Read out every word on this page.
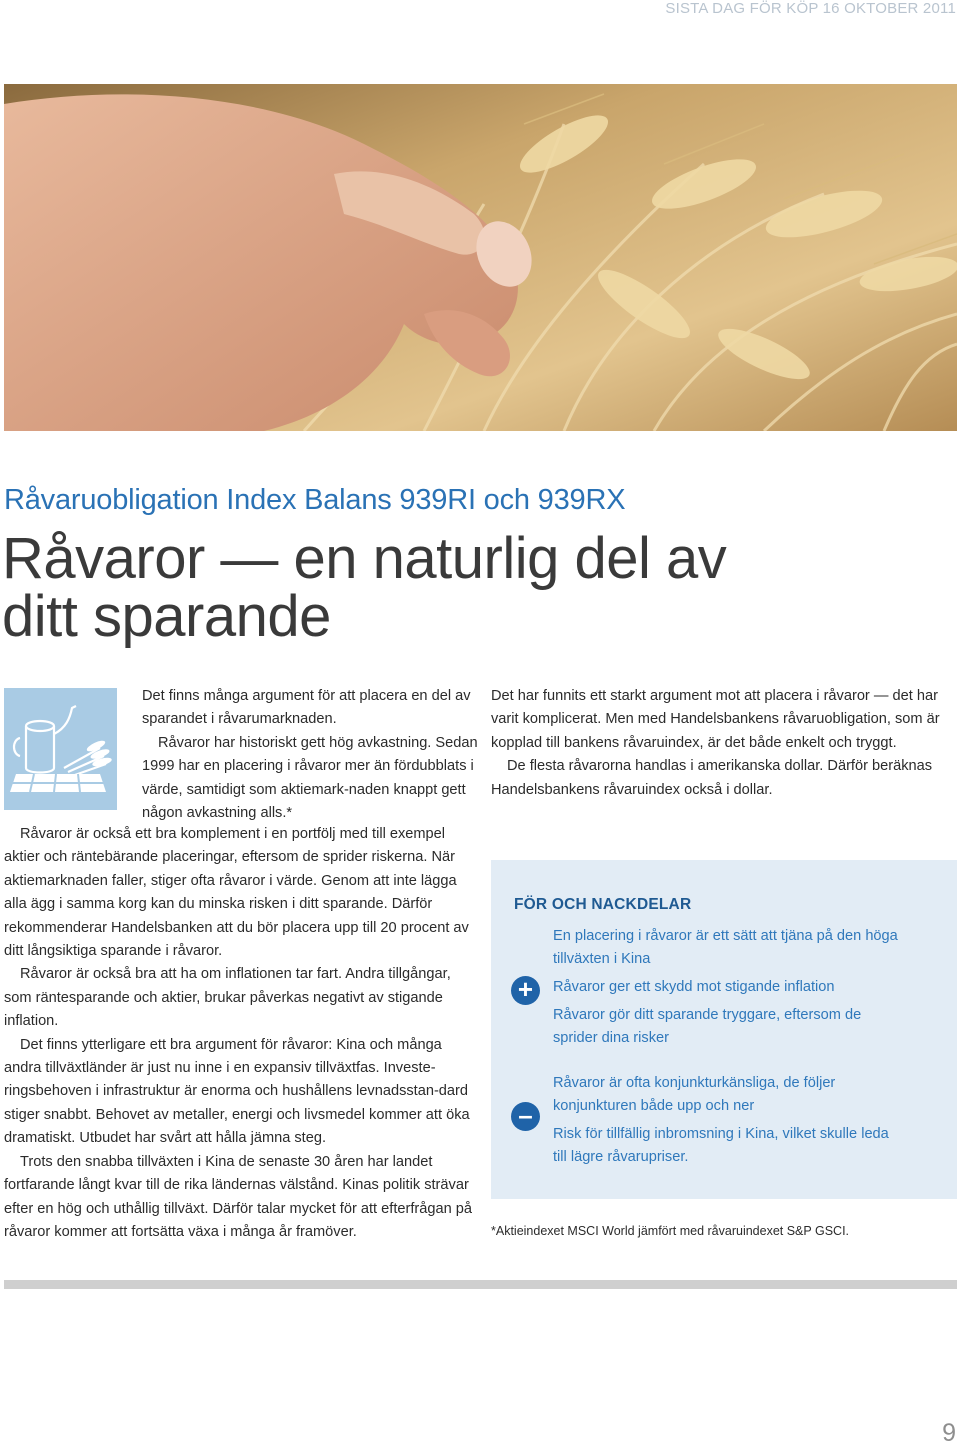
SISTA DAG FÖR KÖP 16 OKTOBER 2011
Råvaruobligation Index Balans 939RI och 939RX
Råvaror — en naturlig del av
ditt sparande

Det finns många argument för att placera en del av sparandet i råvarumarknaden.

Råvaror har historiskt gett hög avkastning. Sedan 1999 har en placering i råvaror mer än fördubblats i värde, samtidigt som aktiemark-naden knappt gett någon avkastning alls.*

Råvaror är också ett bra komplement i en portfölj med till exempel aktier och räntebärande placeringar, eftersom de sprider riskerna. När aktiemarknaden faller, stiger ofta råvaror i värde. Genom att inte lägga alla ägg i samma korg kan du minska risken i ditt sparande. Därför rekommenderar Handelsbanken att du bör placera upp till 20 procent av ditt långsiktiga sparande i råvaror.

Råvaror är också bra att ha om inflationen tar fart. Andra tillgångar, som räntesparande och aktier, brukar påverkas negativt av stigande inflation.

Det finns ytterligare ett bra argument för råvaror: Kina och många andra tillväxtländer är just nu inne i en expansiv tillväxtfas. Investe-ringsbehoven i infrastruktur är enorma och hushållens levnadsstan-dard stiger snabbt. Behovet av metaller, energi och livsmedel kommer att öka dramatiskt. Utbudet har svårt att hålla jämna steg.

Trots den snabba tillväxten i Kina de senaste 30 åren har landet fortfarande långt kvar till de rika ländernas välstånd. Kinas politik strävar efter en hög och uthållig tillväxt. Därför talar mycket för att efterfrågan på råvaror kommer att fortsätta växa i många år framöver.

Det har funnits ett starkt argument mot att placera i råvaror — det har varit komplicerat. Men med Handelsbankens råvaruobligation, som är kopplad till bankens råvaruindex, är det både enkelt och tryggt.

De flesta råvarorna handlas i amerikanska dollar. Därför beräknas Handelsbankens råvaruindex också i dollar.

FÖR OCH NACKDELAR
+
En placering i råvaror är ett sätt att tjäna på den höga tillväxten i Kina
Råvaror ger ett skydd mot stigande inflation
Råvaror gör ditt sparande tryggare, eftersom de sprider dina risker
–
Råvaror är ofta konjunkturkänsliga, de följer konjunkturen både upp och ner
Risk för tillfällig inbromsning i Kina, vilket skulle leda till lägre råvarupriser.
*Aktieindexet MSCI World jämfört med råvaruindexet S&P GSCI.
9
